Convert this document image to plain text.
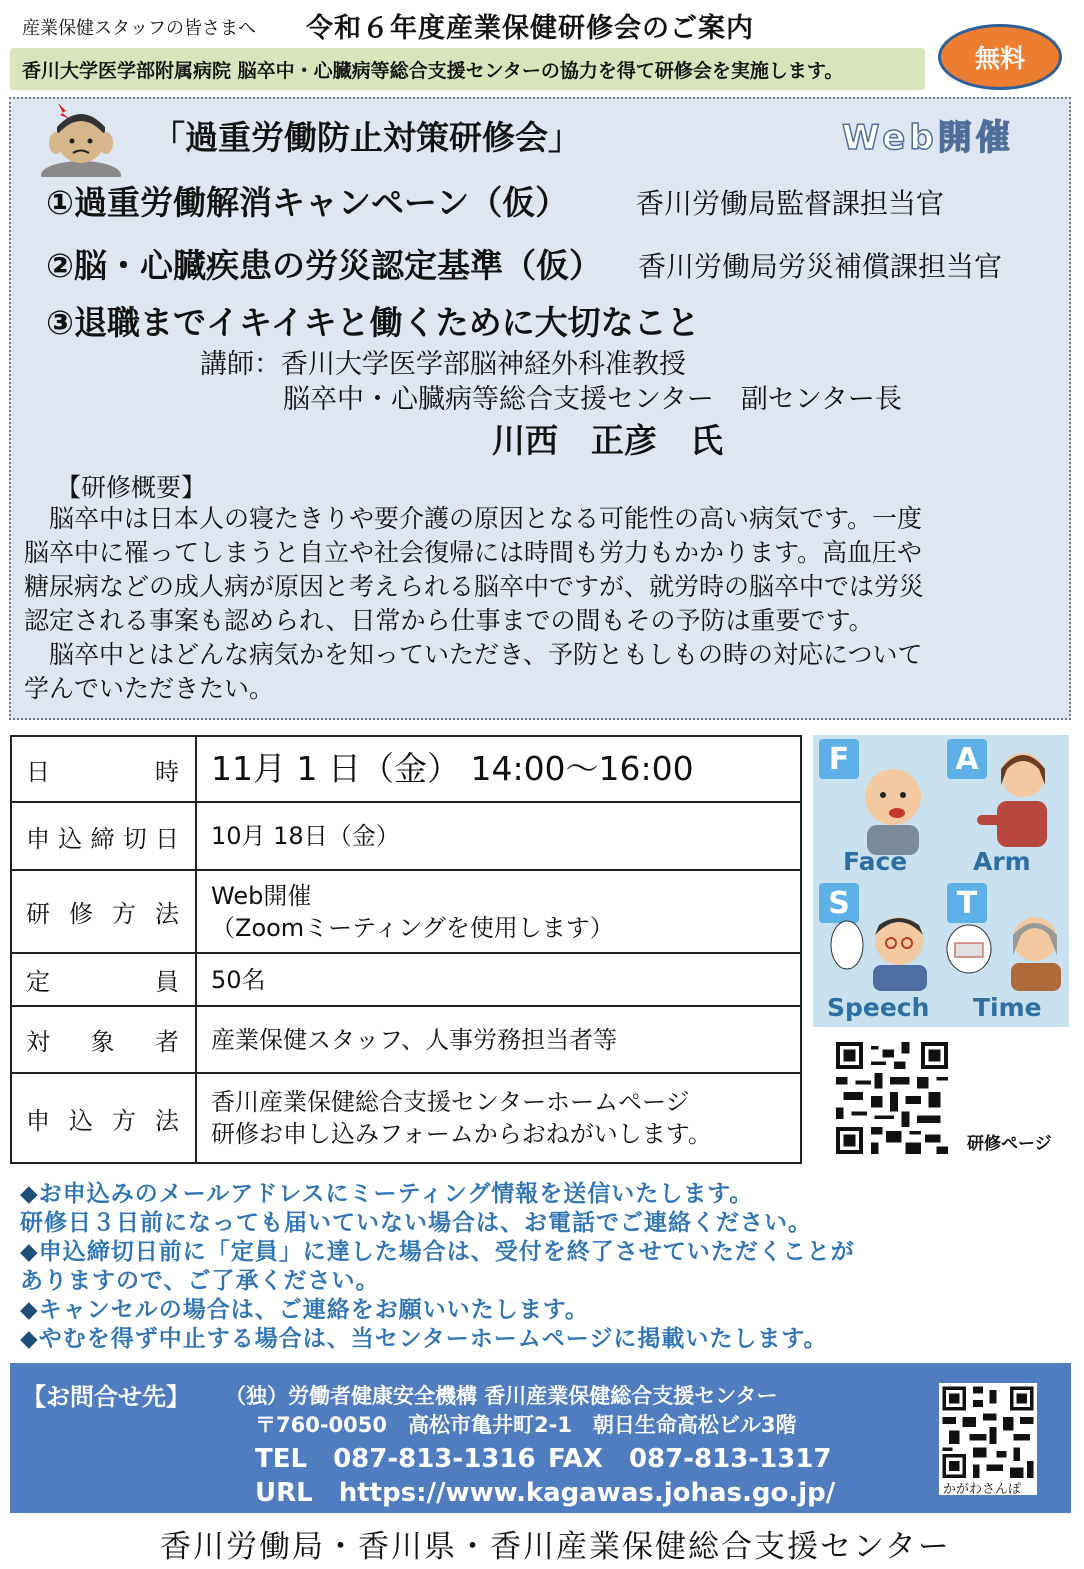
産業保健スタッフの皆さまへ 令和６年度産業保健研修会のご案内
香川大学医学部附属病院 脳卒中・心臓病等総合支援センターの協力を得て研修会を実施します。	無料
「過重労働防止対策研修会」	Web開催
①過重労働解消キャンペーン（仮） 香川労働局監督課担当官
②脳・心臓疾患の労災認定基準（仮） 香川労働局労災補償課担当官
③退職までイキイキと働くために大切なこと
講師：香川大学医学部脳神経外科准教授
脳卒中・心臓病等総合支援センター　副センター長
川西　正彦　氏
【研修概要】
　脳卒中は日本人の寝たきりや要介護の原因となる可能性の高い病気です。一度
脳卒中に罹ってしまうと自立や社会復帰には時間も労力もかかります。高血圧や
糖尿病などの成人病が原因と考えられる脳卒中ですが、就労時の脳卒中では労災
認定される事案も認められ、日常から仕事までの間もその予防は重要です。
　脳卒中とはどんな病気かを知っていただき、予防ともしもの時の対応について
学んでいただきたい。
日時	11月 1 日（金） 14:00～16:00
申込締切日	10月 18日（金）
研修方法	Web開催
（Zoomミーティングを使用します）
定員	50名
対象者	産業保健スタッフ、人事労務担当者等
申込方法	香川産業保健総合支援センターホームページ
研修お申し込みフォームからおねがいします。
F	A
S	T
Face	Arm
Speech Time
研修ページ
◆お申込みのメールアドレスにミーティング情報を送信いたします。
研修日３日前になっても届いていない場合は、お電話でご連絡ください。
◆申込締切日前に「定員」に達した場合は、受付を終了させていただくことが
ありますので、ご了承ください。
◆キャンセルの場合は、ご連絡をお願いいたします。
◆やむを得ず中止する場合は、当センターホームページに掲載いたします。
【お問合せ先】 （独）労働者健康安全機構 香川産業保健総合支援センター
〒760-0050　高松市亀井町2-1　朝日生命高松ビル3階
TEL　087-813-1316 FAX　087-813-1317
URL　https://www.kagawas.johas.go.jp/	かがわさんぽ
香川労働局・香川県・香川産業保健総合支援センター
